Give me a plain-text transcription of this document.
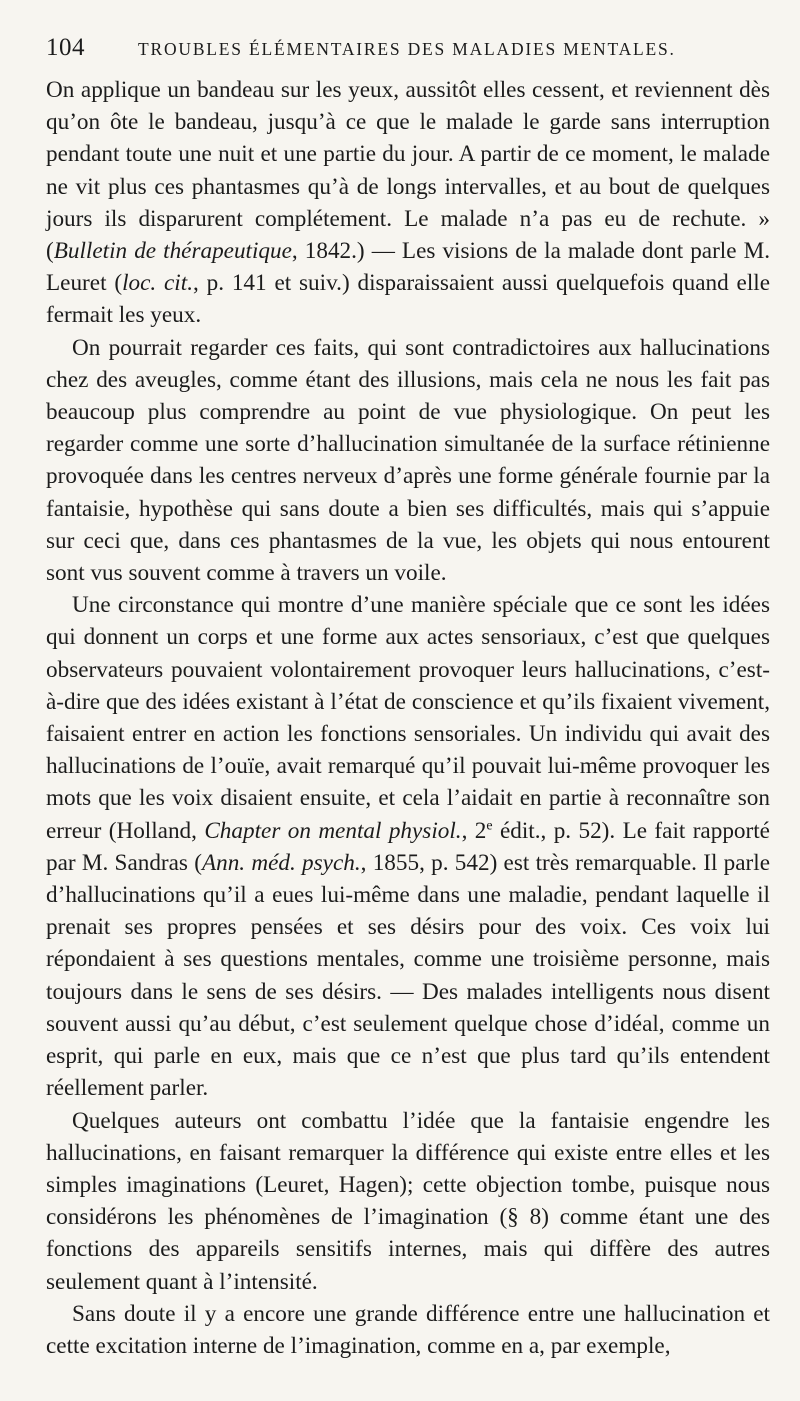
104	TROUBLES ÉLÉMENTAIRES DES MALADIES MENTALES.

On applique un bandeau sur les yeux, aussitôt elles cessent, et reviennent dès qu’on ôte le bandeau, jusqu’à ce que le malade le garde sans interruption pendant toute une nuit et une partie du jour. A partir de ce moment, le malade ne vit plus ces phantasmes qu’à de longs intervalles, et au bout de quelques jours ils disparurent complétement. Le malade n’a pas eu de rechute. » (Bulletin de thérapeutique, 1842.) — Les visions de la malade dont parle M. Leuret (loc. cit., p. 141 et suiv.) disparaissaient aussi quelquefois quand elle fermait les yeux.

On pourrait regarder ces faits, qui sont contradictoires aux hallucinations chez des aveugles, comme étant des illusions, mais cela ne nous les fait pas beaucoup plus comprendre au point de vue physiologique. On peut les regarder comme une sorte d’hallucination simultanée de la surface rétinienne provoquée dans les centres nerveux d’après une forme générale fournie par la fantaisie, hypothèse qui sans doute a bien ses difficultés, mais qui s’appuie sur ceci que, dans ces phantasmes de la vue, les objets qui nous entourent sont vus souvent comme à travers un voile.

Une circonstance qui montre d’une manière spéciale que ce sont les idées qui donnent un corps et une forme aux actes sensoriaux, c’est que quelques observateurs pouvaient volontairement provoquer leurs hallucinations, c’est-à-dire que des idées existant à l’état de conscience et qu’ils fixaient vivement, faisaient entrer en action les fonctions sensoriales. Un individu qui avait des hallucinations de l’ouïe, avait remarqué qu’il pouvait lui-même provoquer les mots que les voix disaient ensuite, et cela l’aidait en partie à reconnaître son erreur (Holland, Chapter on mental physiol., 2e édit., p. 52). Le fait rapporté par M. Sandras (Ann. méd. psych., 1855, p. 542) est très remarquable. Il parle d’hallucinations qu’il a eues lui-même dans une maladie, pendant laquelle il prenait ses propres pensées et ses désirs pour des voix. Ces voix lui répondaient à ses questions mentales, comme une troisième personne, mais toujours dans le sens de ses désirs. — Des malades intelligents nous disent souvent aussi qu’au début, c’est seulement quelque chose d’idéal, comme un esprit, qui parle en eux, mais que ce n’est que plus tard qu’ils entendent réellement parler.

Quelques auteurs ont combattu l’idée que la fantaisie engendre les hallucinations, en faisant remarquer la différence qui existe entre elles et les simples imaginations (Leuret, Hagen); cette objection tombe, puisque nous considérons les phénomènes de l’imagination (§ 8) comme étant une des fonctions des appareils sensitifs internes, mais qui diffère des autres seulement quant à l’intensité.

Sans doute il y a encore une grande différence entre une hallucination et cette excitation interne de l’imagination, comme en a, par exemple,
